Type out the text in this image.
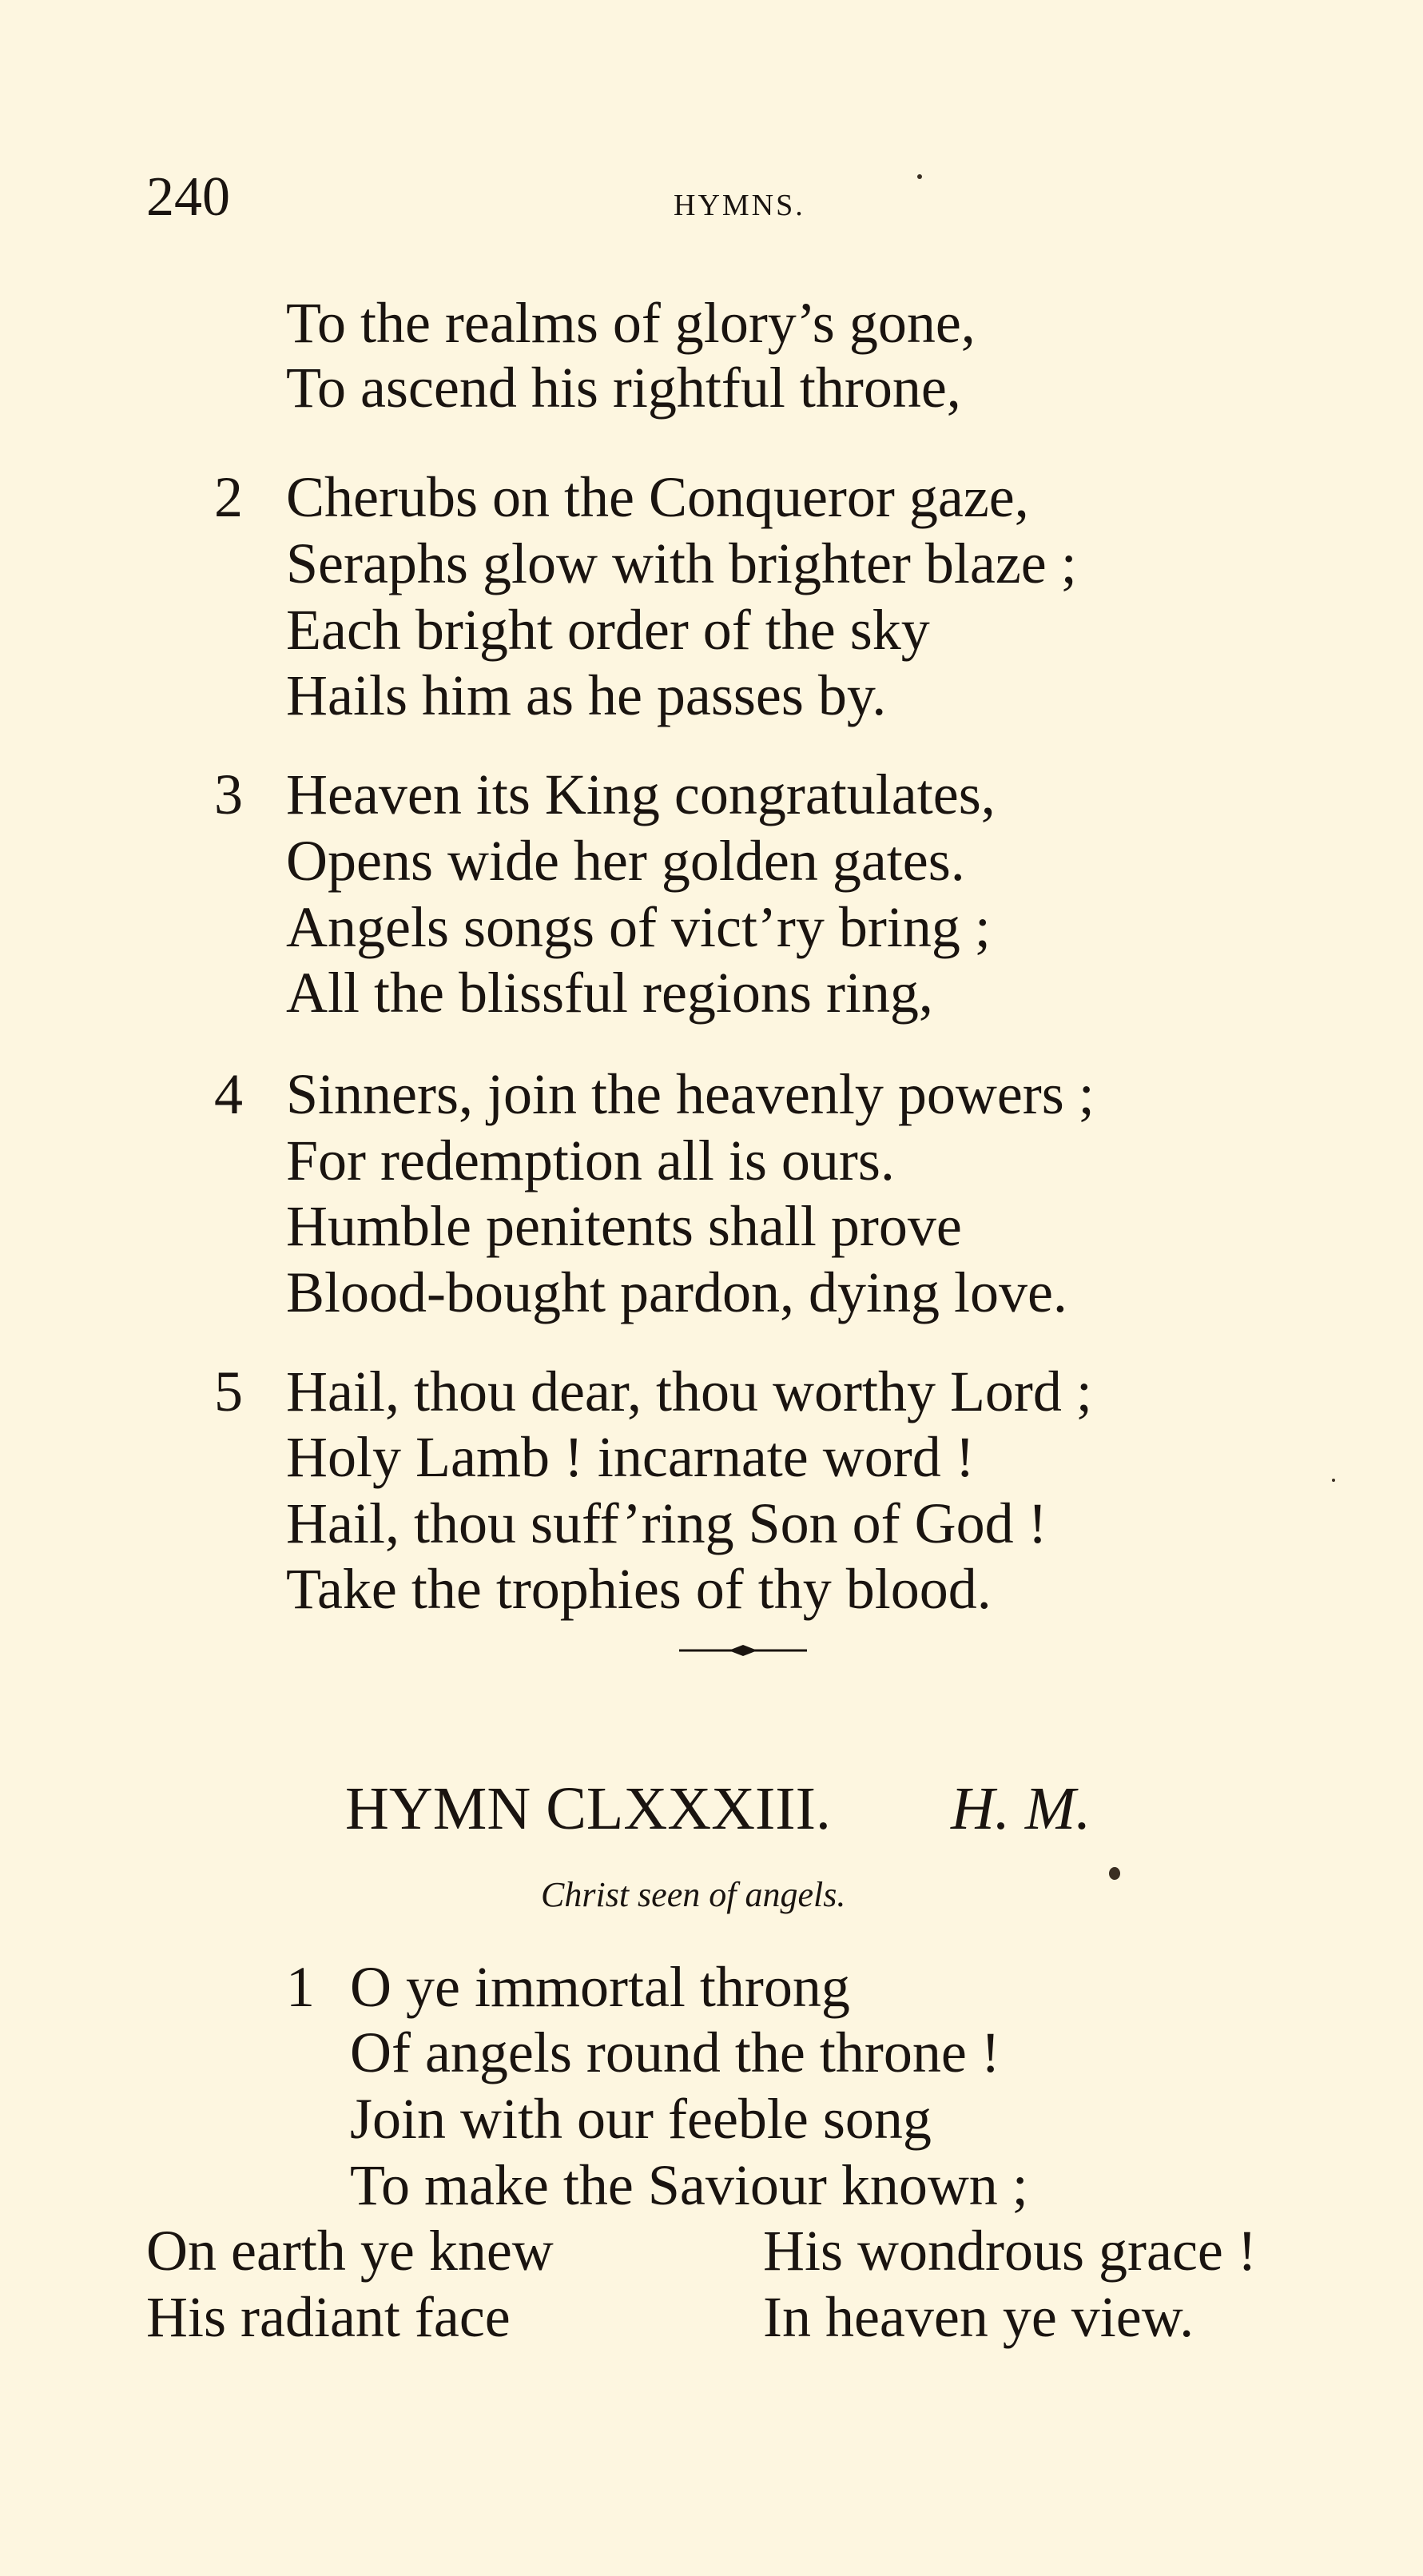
240	HYMNS.
To the realms of glory’s gone,
To ascend his rightful throne,
2 Cherubs on the Conqueror gaze,
Seraphs glow with brighter blaze ;
Each bright order of the sky
Hails him as he passes by.
3 Heaven its King congratulates,
Opens wide her golden gates.
Angels songs of vict’ry bring ;
All the blissful regions ring,
4 Sinners, join the heavenly powers ;
For redemption all is ours.
Humble penitents shall prove
Blood-bought pardon, dying love.
5 Hail, thou dear, thou worthy Lord ;
Holy Lamb ! incarnate word !
Hail, thou suff’ring Son of God !
Take the trophies of thy blood.
HYMN CLXXXIII. H. M.
Christ seen of angels.
1 O ye immortal throng
Of angels round the throne !
Join with our feeble song
To make the Saviour known ;
On earth ye knew	His wondrous grace !
His radiant face	In heaven ye view.
